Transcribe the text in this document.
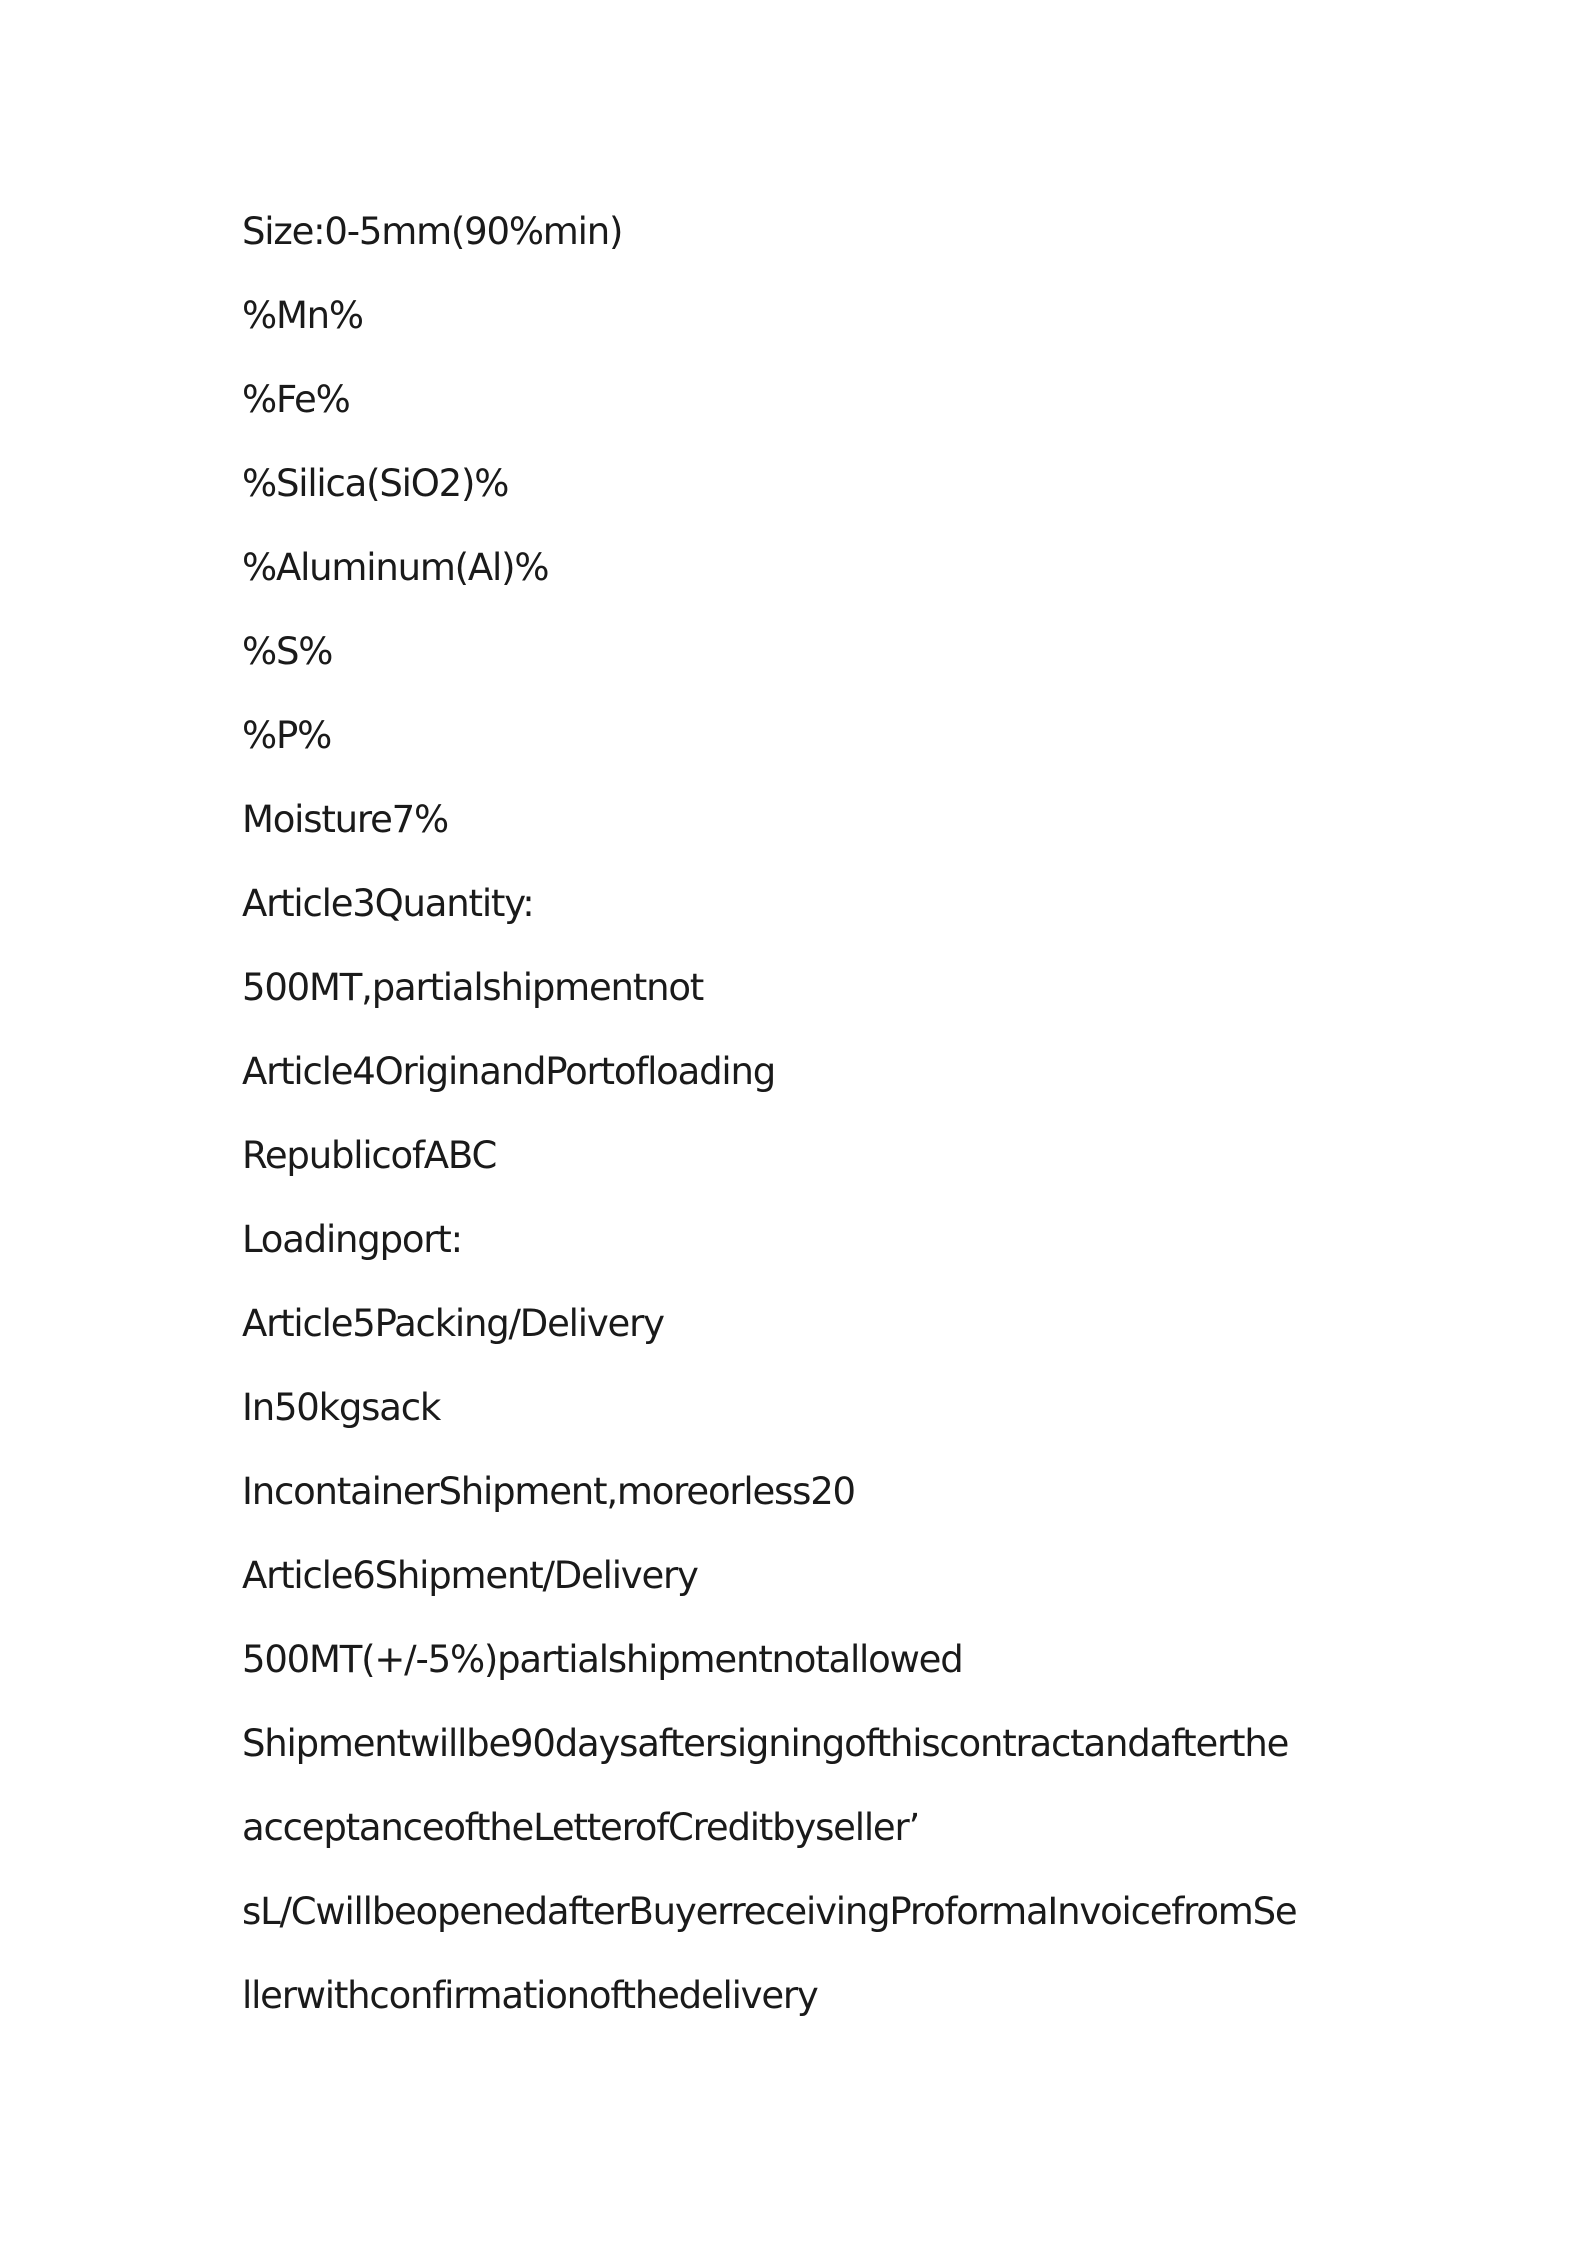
Size:0-5mm(90%min)
%Mn%
%Fe%
%Silica(SiO2)%
%Aluminum(Al)%
%S%
%P%
Moisture7%
Article3Quantity:
500MT,partialshipmentnot
Article4OriginandPortofloading
RepublicofABC
Loadingport:
Article5Packing/Delivery
In50kgsack
IncontainerShipment,moreorless20
Article6Shipment/Delivery
500MT(+/-5%)partialshipmentnotallowed
Shipmentwillbe90daysaftersigningofthiscontractandafterthe
acceptanceoftheLetterofCreditbyseller’
sL/CwillbeopenedafterBuyerreceivingProformaInvoicefromSe
llerwithconfirmationofthedelivery
